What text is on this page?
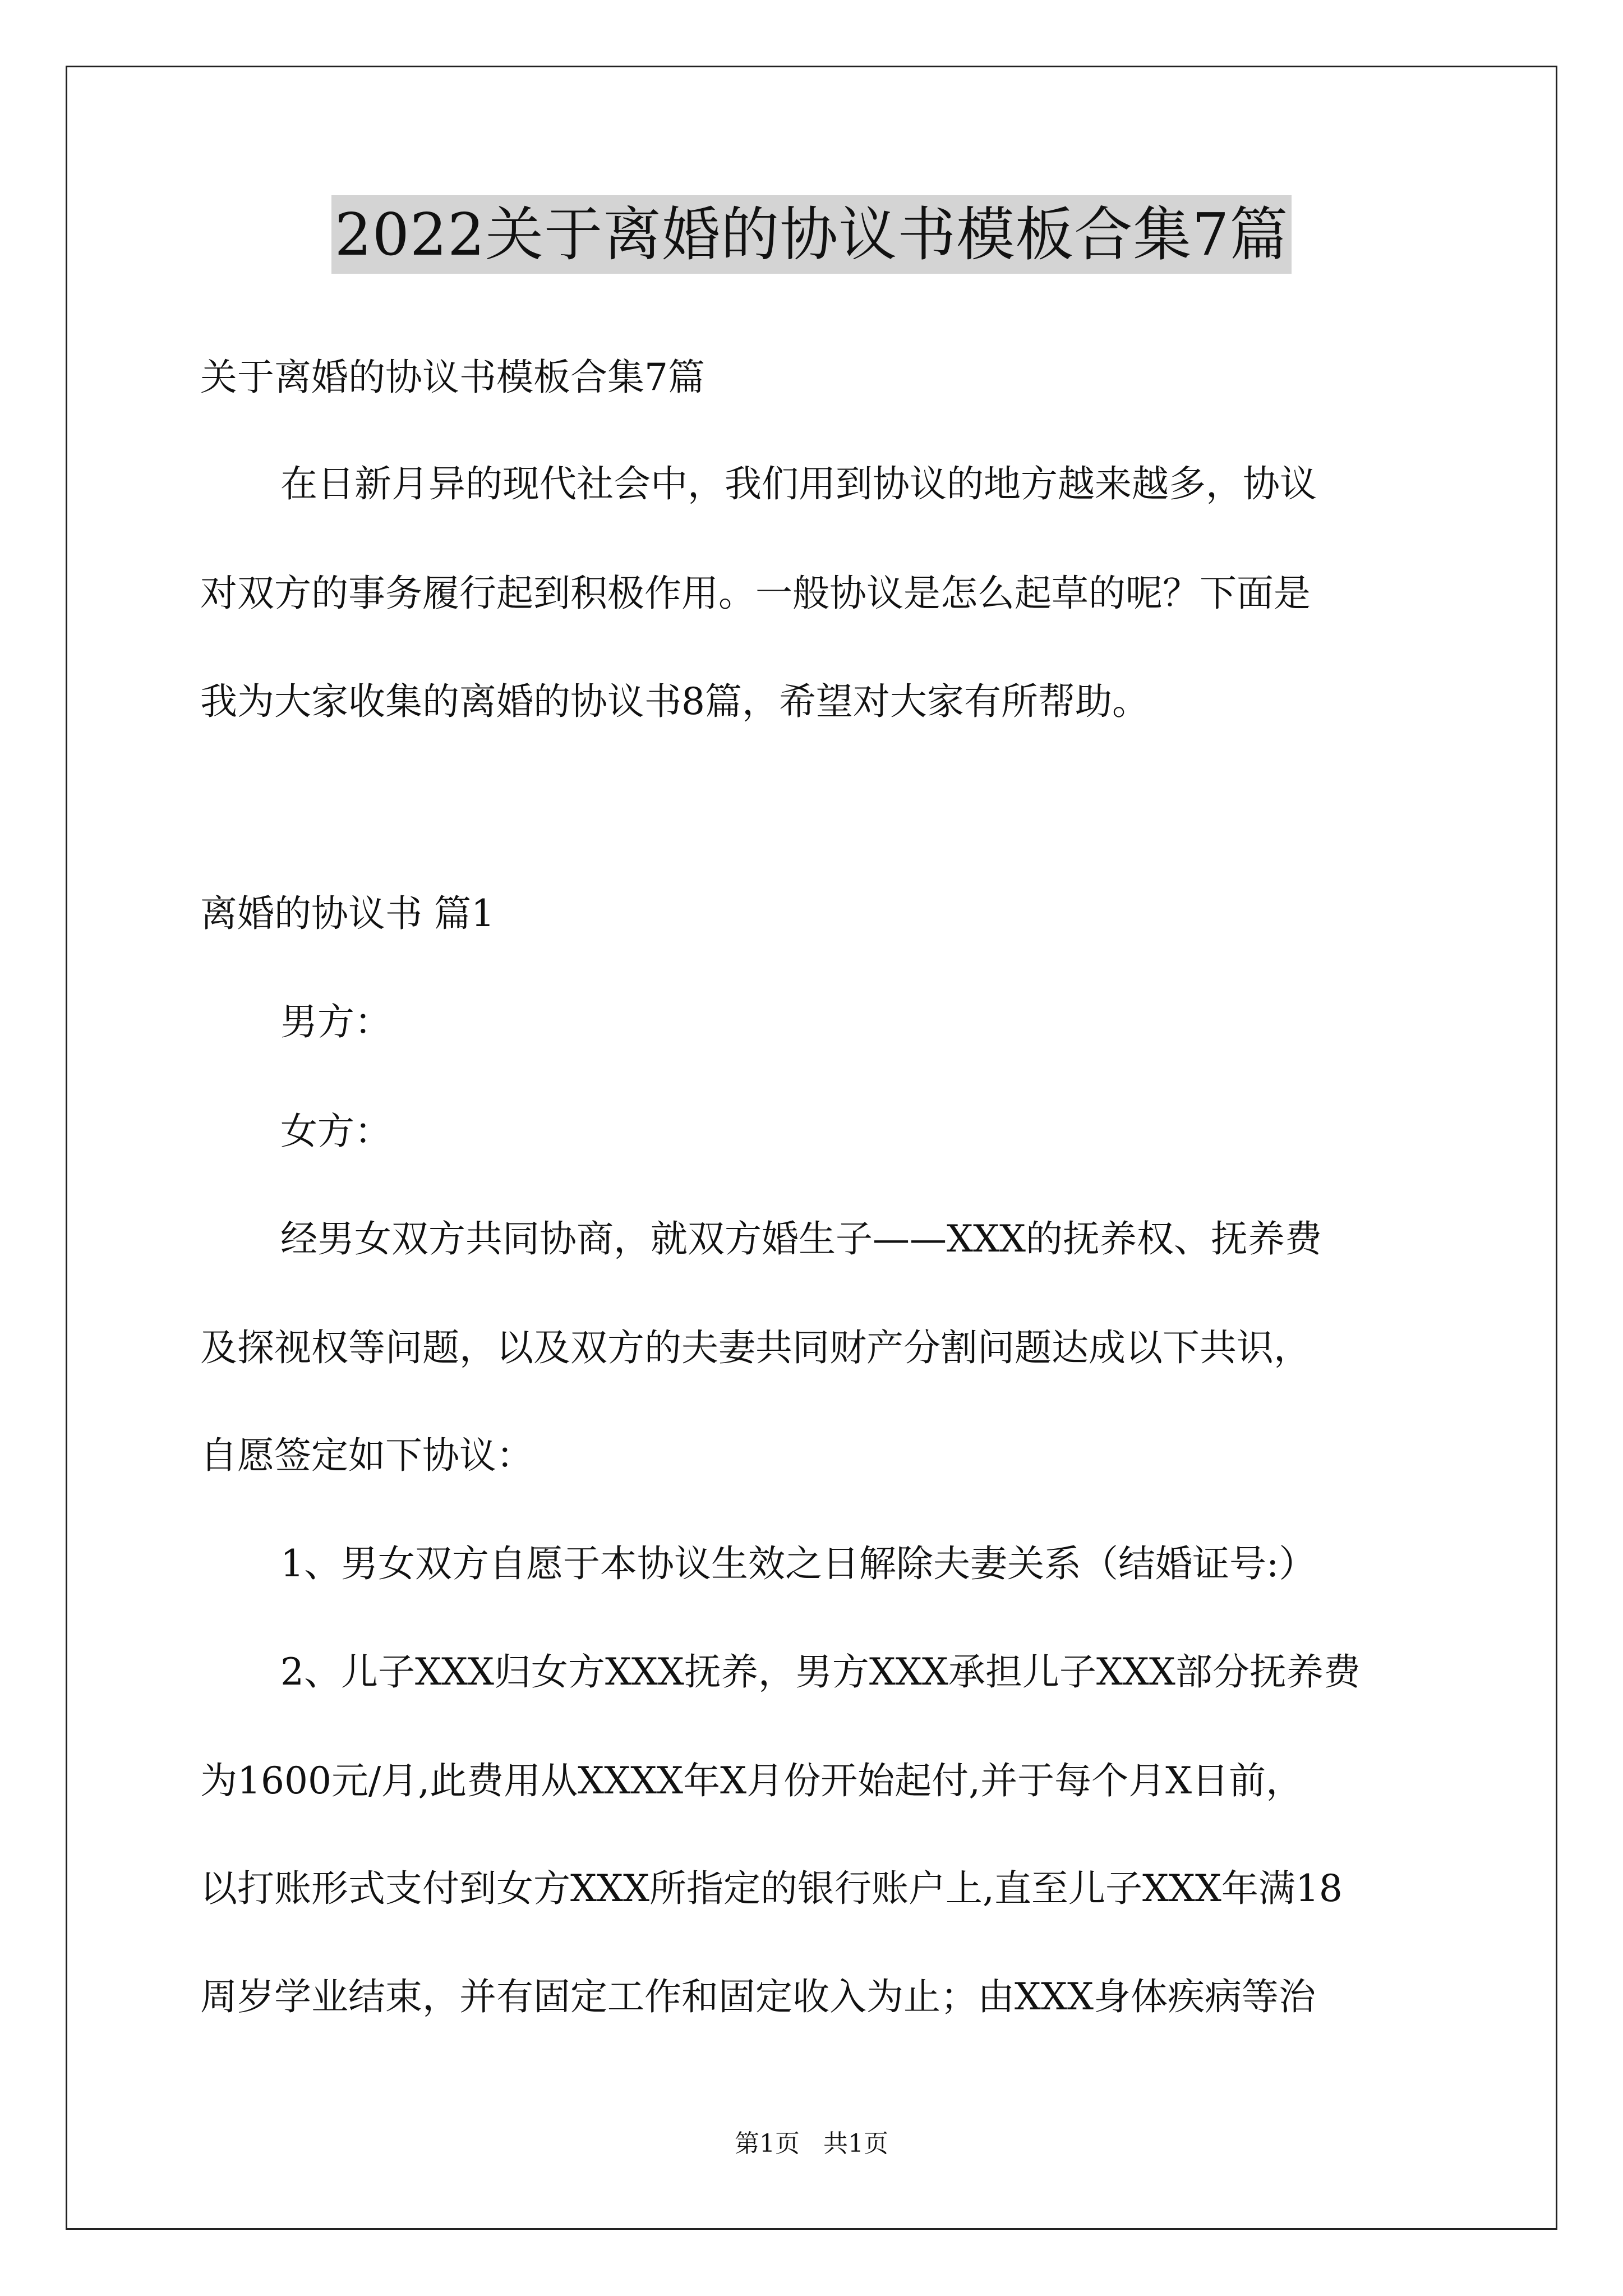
2022关于离婚的协议书模板合集7篇
关于离婚的协议书模板合集7篇
在日新月异的现代社会中，我们用到协议的地方越来越多，协议
对双方的事务履行起到积极作用。一般协议是怎么起草的呢？下面是
我为大家收集的离婚的协议书8篇，希望对大家有所帮助。
离婚的协议书 篇1
男方：
女方：
经男女双方共同协商，就双方婚生子——XXX的抚养权、抚养费
及探视权等问题，以及双方的夫妻共同财产分割问题达成以下共识，
自愿签定如下协议：
1、男女双方自愿于本协议生效之日解除夫妻关系（结婚证号:）
2、儿子XXX归女方XXX抚养，男方XXX承担儿子XXX部分抚养费
为1600元/月,此费用从XXXX年X月份开始起付,并于每个月X日前，
以打账形式支付到女方XXX所指定的银行账户上,直至儿子XXX年满18
周岁学业结束，并有固定工作和固定收入为止；由XXX身体疾病等治
第1页   共1页
